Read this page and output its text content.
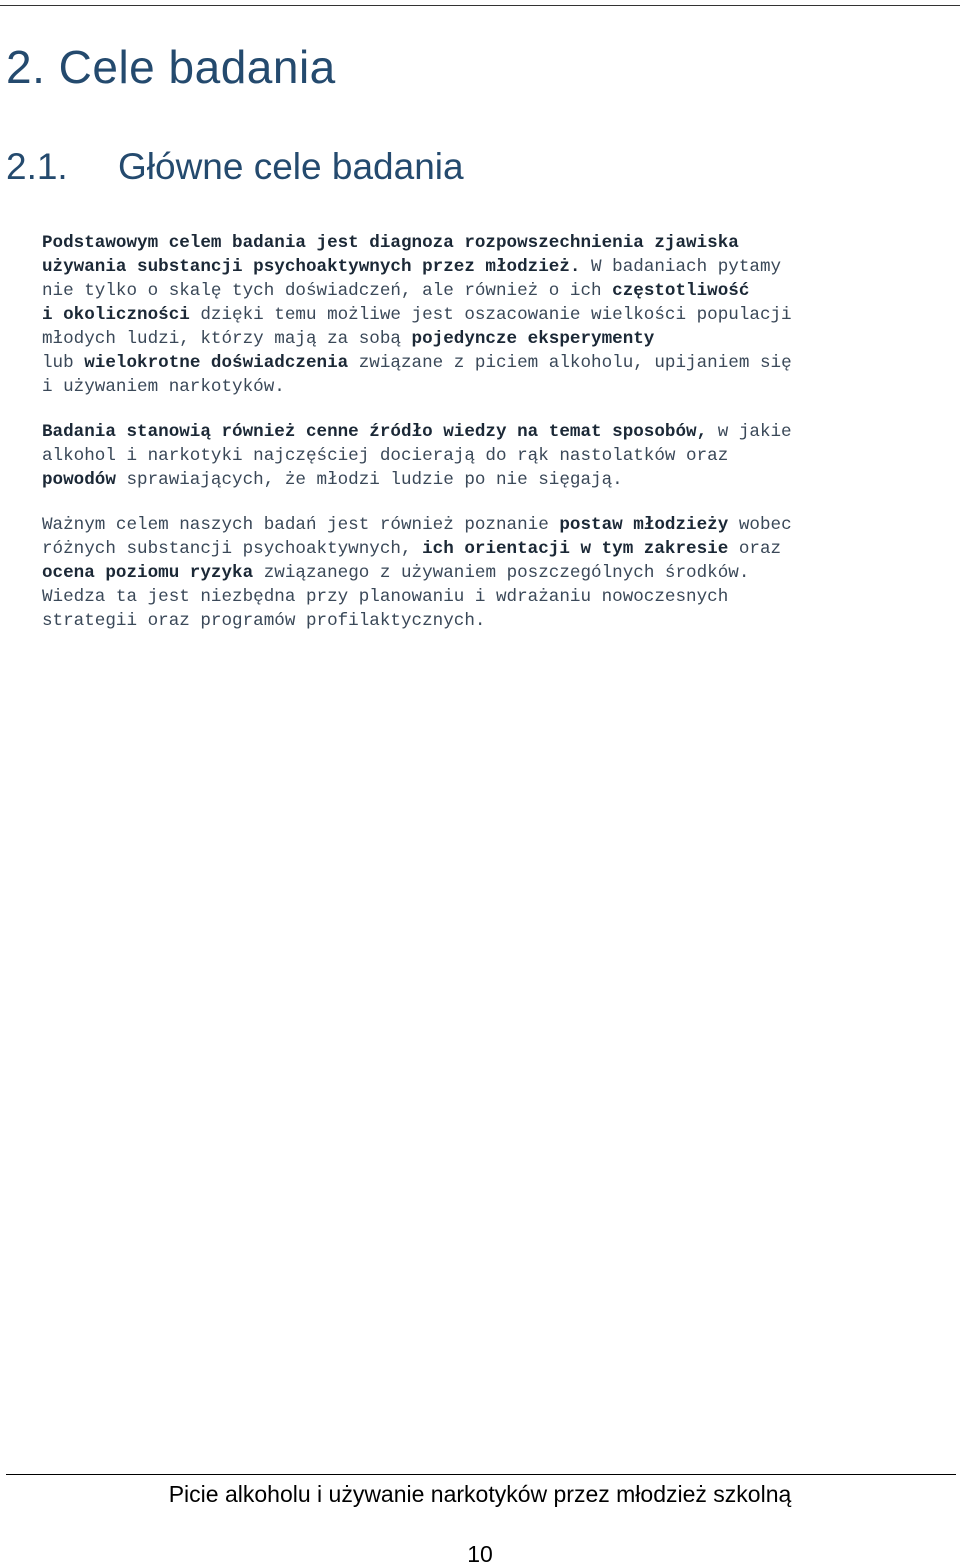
2. Cele badania
2.1. Główne cele badania
Podstawowym celem badania jest diagnoza rozpowszechnienia zjawiska
używania substancji psychoaktywnych przez młodzież. W badaniach pytamy
nie tylko o skalę tych doświadczeń, ale również o ich częstotliwość
i okoliczności dzięki temu możliwe jest oszacowanie wielkości populacji
młodych ludzi, którzy mają za sobą pojedyncze eksperymenty
lub wielokrotne doświadczenia związane z piciem alkoholu, upijaniem się
i używaniem narkotyków.
Badania stanowią również cenne źródło wiedzy na temat sposobów, w jakie
alkohol i narkotyki najczęściej docierają do rąk nastolatków oraz
powodów sprawiających, że młodzi ludzie po nie sięgają.
Ważnym celem naszych badań jest również poznanie postaw młodzieży wobec
różnych substancji psychoaktywnych, ich orientacji w tym zakresie oraz
ocena poziomu ryzyka związanego z używaniem poszczególnych środków.
Wiedza ta jest niezbędna przy planowaniu i wdrażaniu nowoczesnych
strategii oraz programów profilaktycznych.
Picie alkoholu i używanie narkotyków przez młodzież szkolną
10
